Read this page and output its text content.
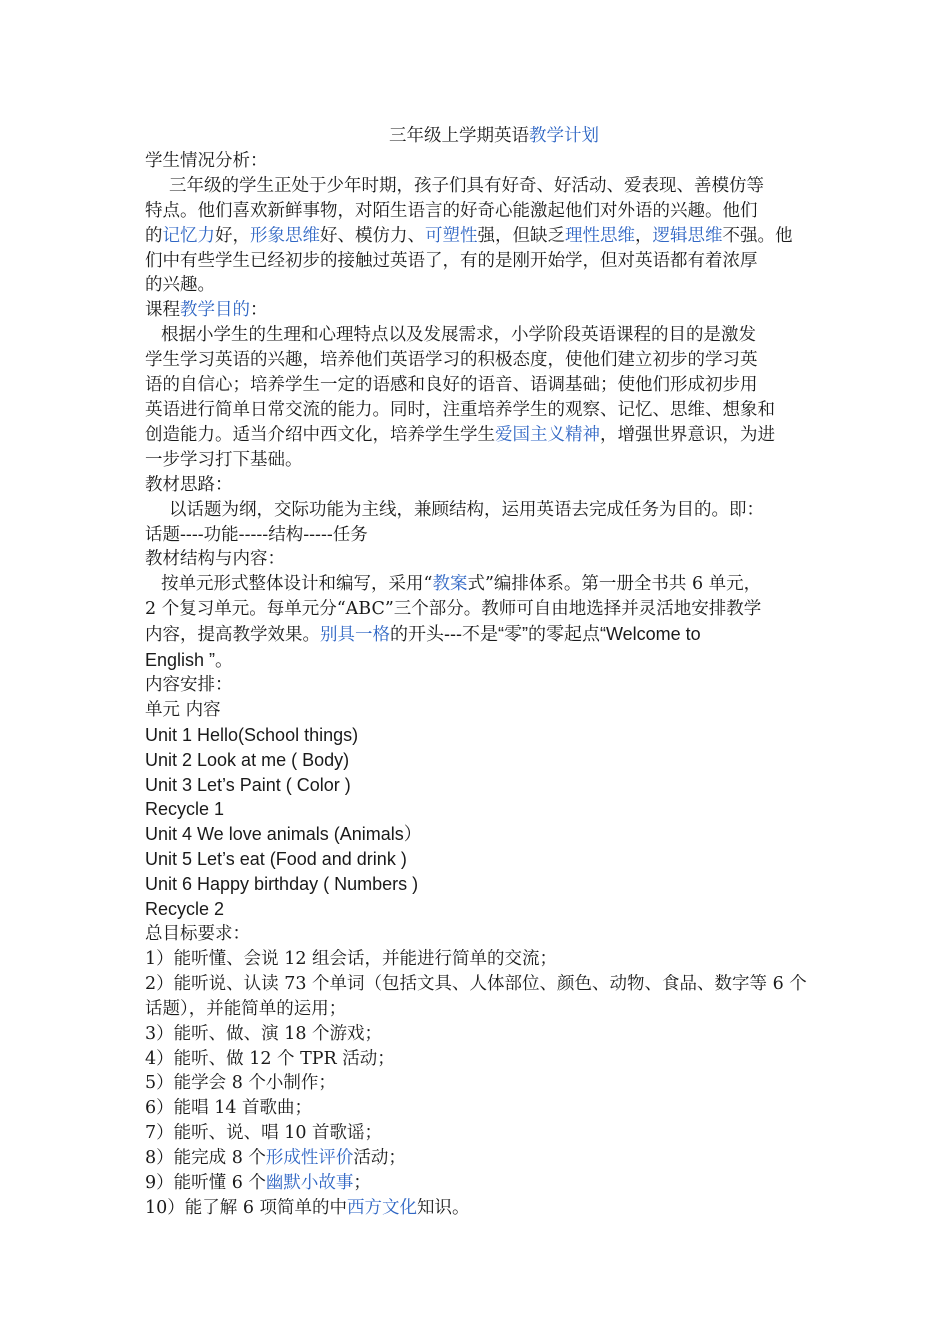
三年级上学期英语教学计划
学生情况分析：
三年级的学生正处于少年时期，孩子们具有好奇、好活动、爱表现、善模仿等
特点。他们喜欢新鲜事物，对陌生语言的好奇心能激起他们对外语的兴趣。他们
的记忆力好，形象思维好、模仿力、可塑性强，但缺乏理性思维，逻辑思维不强。他
们中有些学生已经初步的接触过英语了，有的是刚开始学，但对英语都有着浓厚
的兴趣。
课程教学目的：
根据小学生的生理和心理特点以及发展需求，小学阶段英语课程的目的是激发
学生学习英语的兴趣，培养他们英语学习的积极态度，使他们建立初步的学习英
语的自信心；培养学生一定的语感和良好的语音、语调基础；使他们形成初步用
英语进行简单日常交流的能力。同时，注重培养学生的观察、记忆、思维、想象和
创造能力。适当介绍中西文化，培养学生学生爱国主义精神，增强世界意识，为进
一步学习打下基础。
教材思路：
以话题为纲，交际功能为主线，兼顾结构，运用英语去完成任务为目的。即：
话题----功能-----结构-----任务
教材结构与内容：
按单元形式整体设计和编写，采用“教案式”编排体系。第一册全书共 6 单元，
2 个复习单元。每单元分“ABC”三个部分。教师可自由地选择并灵活地安排教学
内容，提高教学效果。别具一格的开头---不是“零”的零起点“Welcome to
English ”。
内容安排：
单元 内容
Unit 1 Hello(School things)
Unit 2 Look at me ( Body)
Unit 3 Let’s Paint ( Color )
Recycle 1
Unit 4 We love animals (Animals）
Unit 5 Let’s eat (Food and drink )
Unit 6 Happy birthday ( Numbers )
Recycle 2
总目标要求：
1）能听懂、会说 12 组会话，并能进行简单的交流；
2）能听说、认读 73 个单词（包括文具、人体部位、颜色、动物、食品、数字等 6 个
话题），并能简单的运用；
3）能听、做、演 18 个游戏；
4）能听、做 12 个 TPR 活动；
5）能学会 8 个小制作；
6）能唱 14 首歌曲；
7）能听、说、唱 10 首歌谣；
8）能完成 8 个形成性评价活动；
9）能听懂 6 个幽默小故事；
10）能了解 6 项简单的中西方文化知识。
